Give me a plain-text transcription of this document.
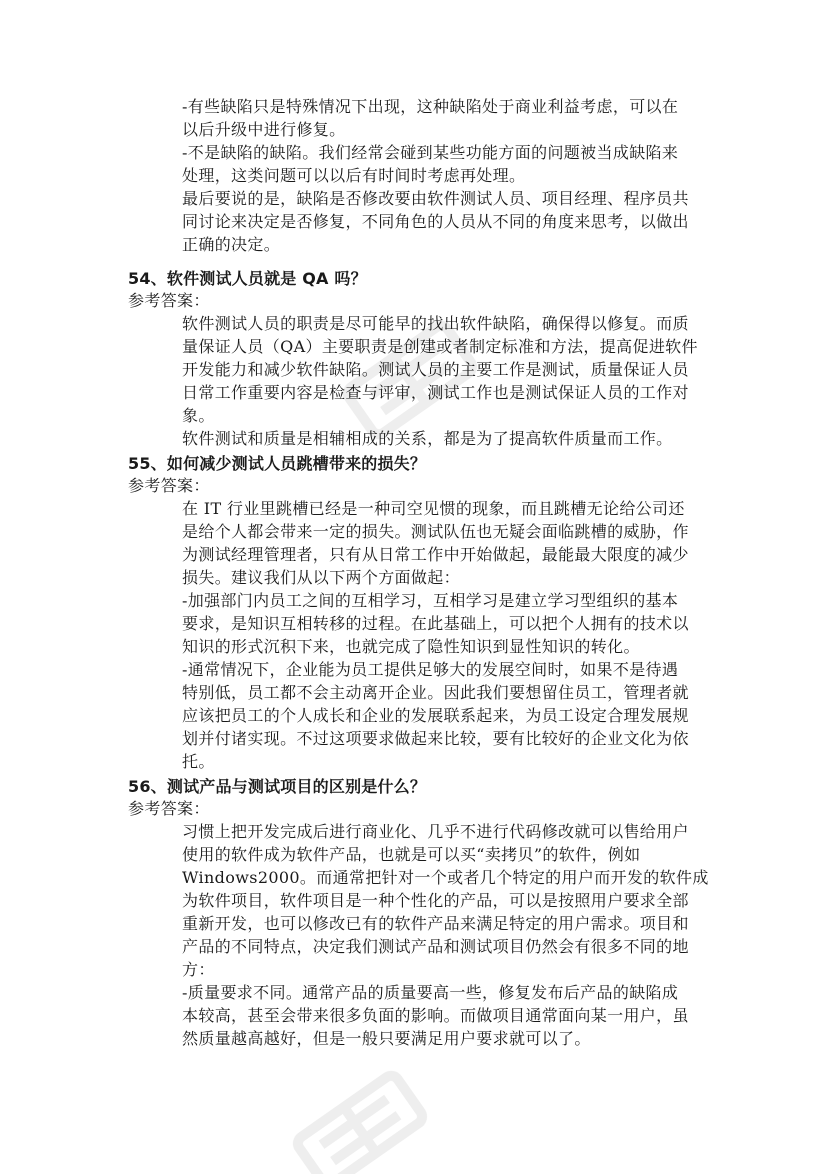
-有些缺陷只是特殊情况下出现，这种缺陷处于商业利益考虑，可以在
以后升级中进行修复。
-不是缺陷的缺陷。我们经常会碰到某些功能方面的问题被当成缺陷来
处理，这类问题可以以后有时间时考虑再处理。
最后要说的是，缺陷是否修改要由软件测试人员、项目经理、程序员共
同讨论来决定是否修复，不同角色的人员从不同的角度来思考，以做出
正确的决定。
54、软件测试人员就是 QA 吗？
参考答案：
软件测试人员的职责是尽可能早的找出软件缺陷，确保得以修复。而质
量保证人员（QA）主要职责是创建或者制定标准和方法，提高促进软件
开发能力和减少软件缺陷。测试人员的主要工作是测试，质量保证人员
日常工作重要内容是检查与评审，测试工作也是测试保证人员的工作对
象。
软件测试和质量是相辅相成的关系，都是为了提高软件质量而工作。
55、如何减少测试人员跳槽带来的损失？
参考答案：
在 IT 行业里跳槽已经是一种司空见惯的现象，而且跳槽无论给公司还
是给个人都会带来一定的损失。测试队伍也无疑会面临跳槽的威胁，作
为测试经理管理者，只有从日常工作中开始做起，最能最大限度的减少
损失。建议我们从以下两个方面做起：
-加强部门内员工之间的互相学习，互相学习是建立学习型组织的基本
要求，是知识互相转移的过程。在此基础上，可以把个人拥有的技术以
知识的形式沉积下来，也就完成了隐性知识到显性知识的转化。
-通常情况下，企业能为员工提供足够大的发展空间时，如果不是待遇
特别低，员工都不会主动离开企业。因此我们要想留住员工，管理者就
应该把员工的个人成长和企业的发展联系起来，为员工设定合理发展规
划并付诸实现。不过这项要求做起来比较，要有比较好的企业文化为依
托。
56、测试产品与测试项目的区别是什么？
参考答案：
习惯上把开发完成后进行商业化、几乎不进行代码修改就可以售给用户
使用的软件成为软件产品，也就是可以买“卖拷贝”的软件，例如
Windows2000。而通常把针对一个或者几个特定的用户而开发的软件成
为软件项目，软件项目是一种个性化的产品，可以是按照用户要求全部
重新开发，也可以修改已有的软件产品来满足特定的用户需求。项目和
产品的不同特点，决定我们测试产品和测试项目仍然会有很多不同的地
方：
-质量要求不同。通常产品的质量要高一些，修复发布后产品的缺陷成
本较高，甚至会带来很多负面的影响。而做项目通常面向某一用户，虽
然质量越高越好，但是一般只要满足用户要求就可以了。
